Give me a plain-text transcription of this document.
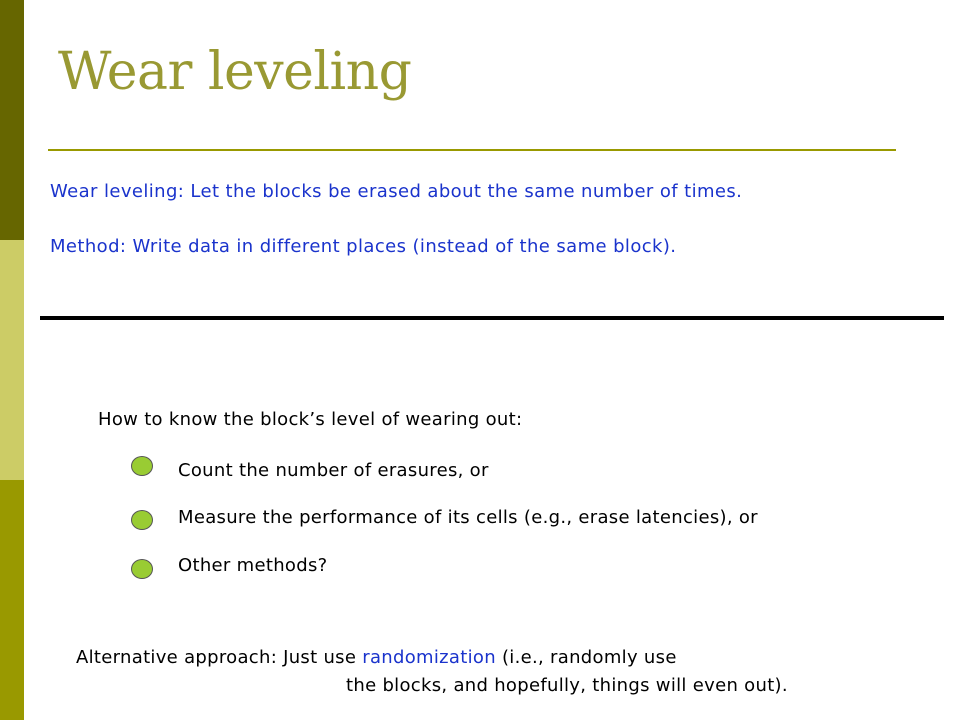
Wear leveling
Wear leveling: Let the blocks be erased about the same number of times.
Method: Write data in different places (instead of the same block).
How to know the block’s level of wearing out:
Count the number of erasures, or
Measure the performance of its cells (e.g., erase latencies), or
Other methods?
Alternative approach: Just use randomization (i.e., randomly use
the blocks, and hopefully, things will even out).
